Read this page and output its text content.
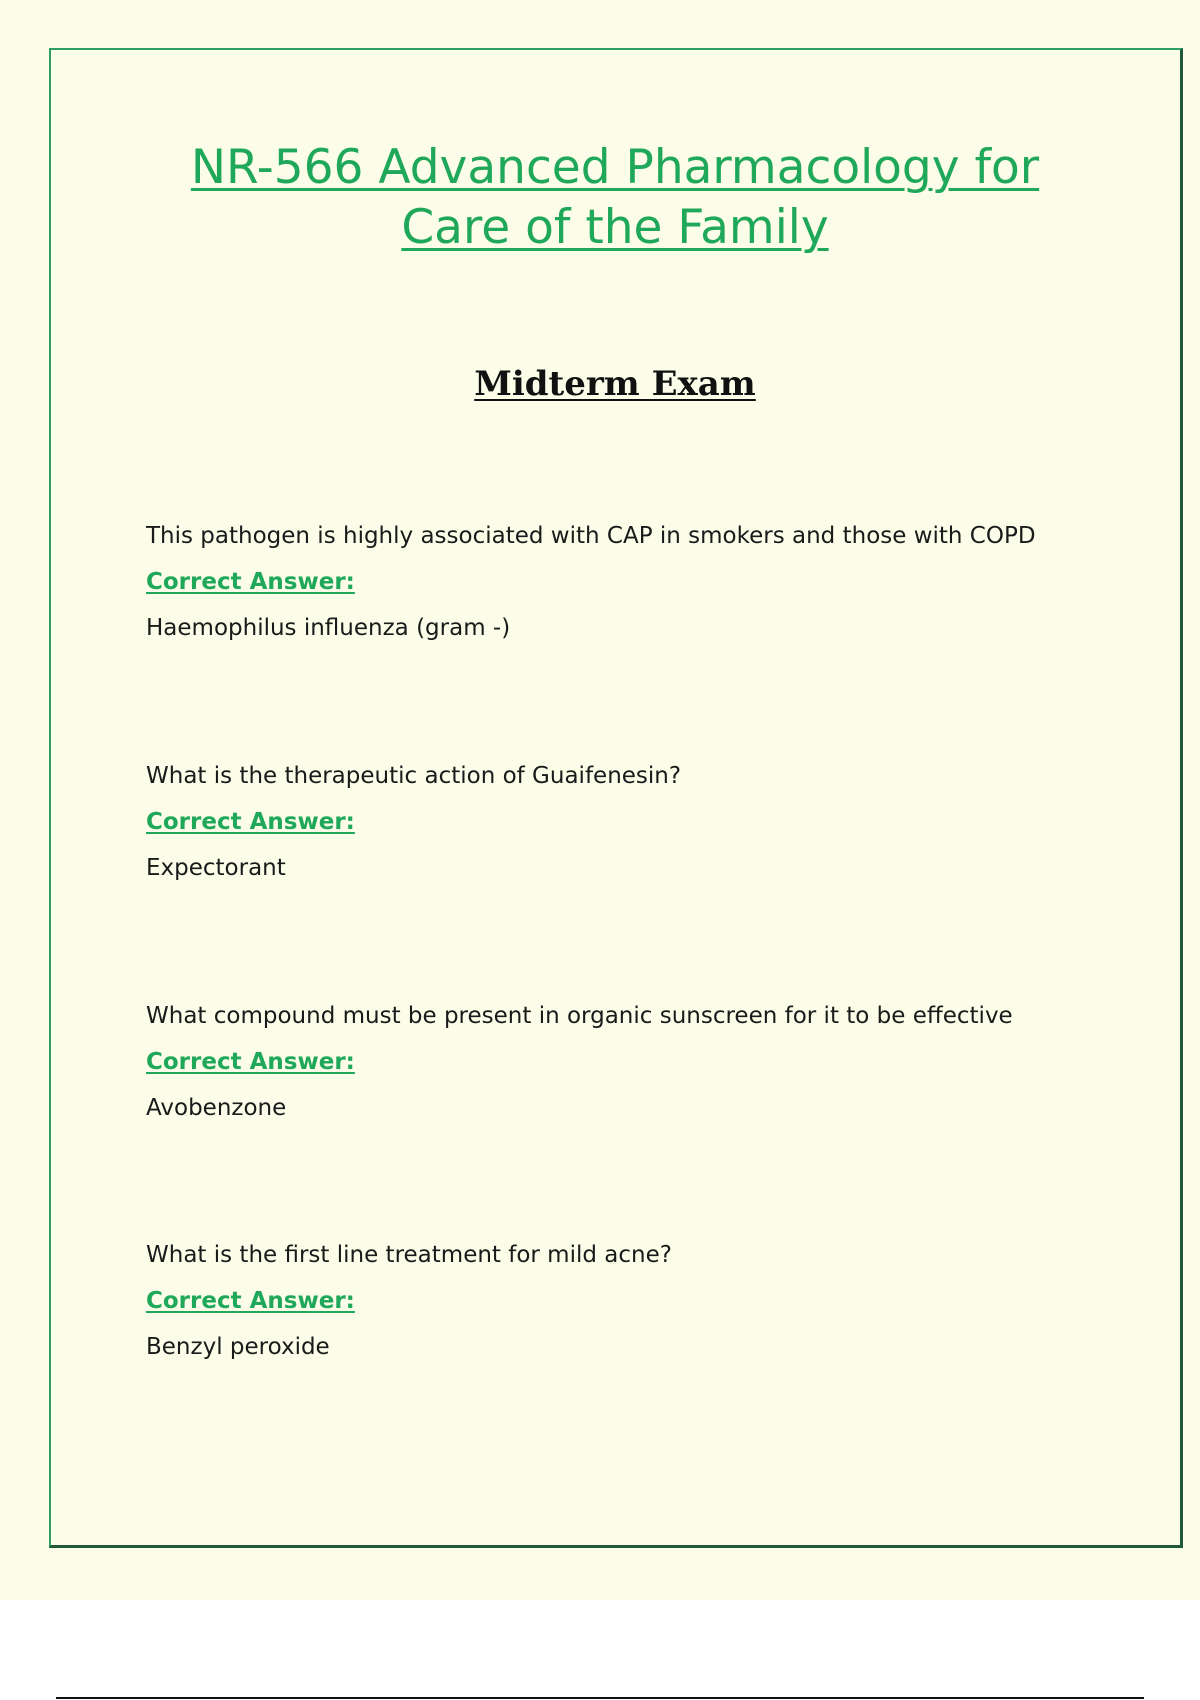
NR-566 Advanced Pharmacology for
Care of the Family
Midterm Exam
This pathogen is highly associated with CAP in smokers and those with COPD
Correct Answer:
Haemophilus influenza (gram -)
What is the therapeutic action of Guaifenesin?
Correct Answer:
Expectorant
What compound must be present in organic sunscreen for it to be effective
Correct Answer:
Avobenzone
What is the first line treatment for mild acne?
Correct Answer:
Benzyl peroxide
